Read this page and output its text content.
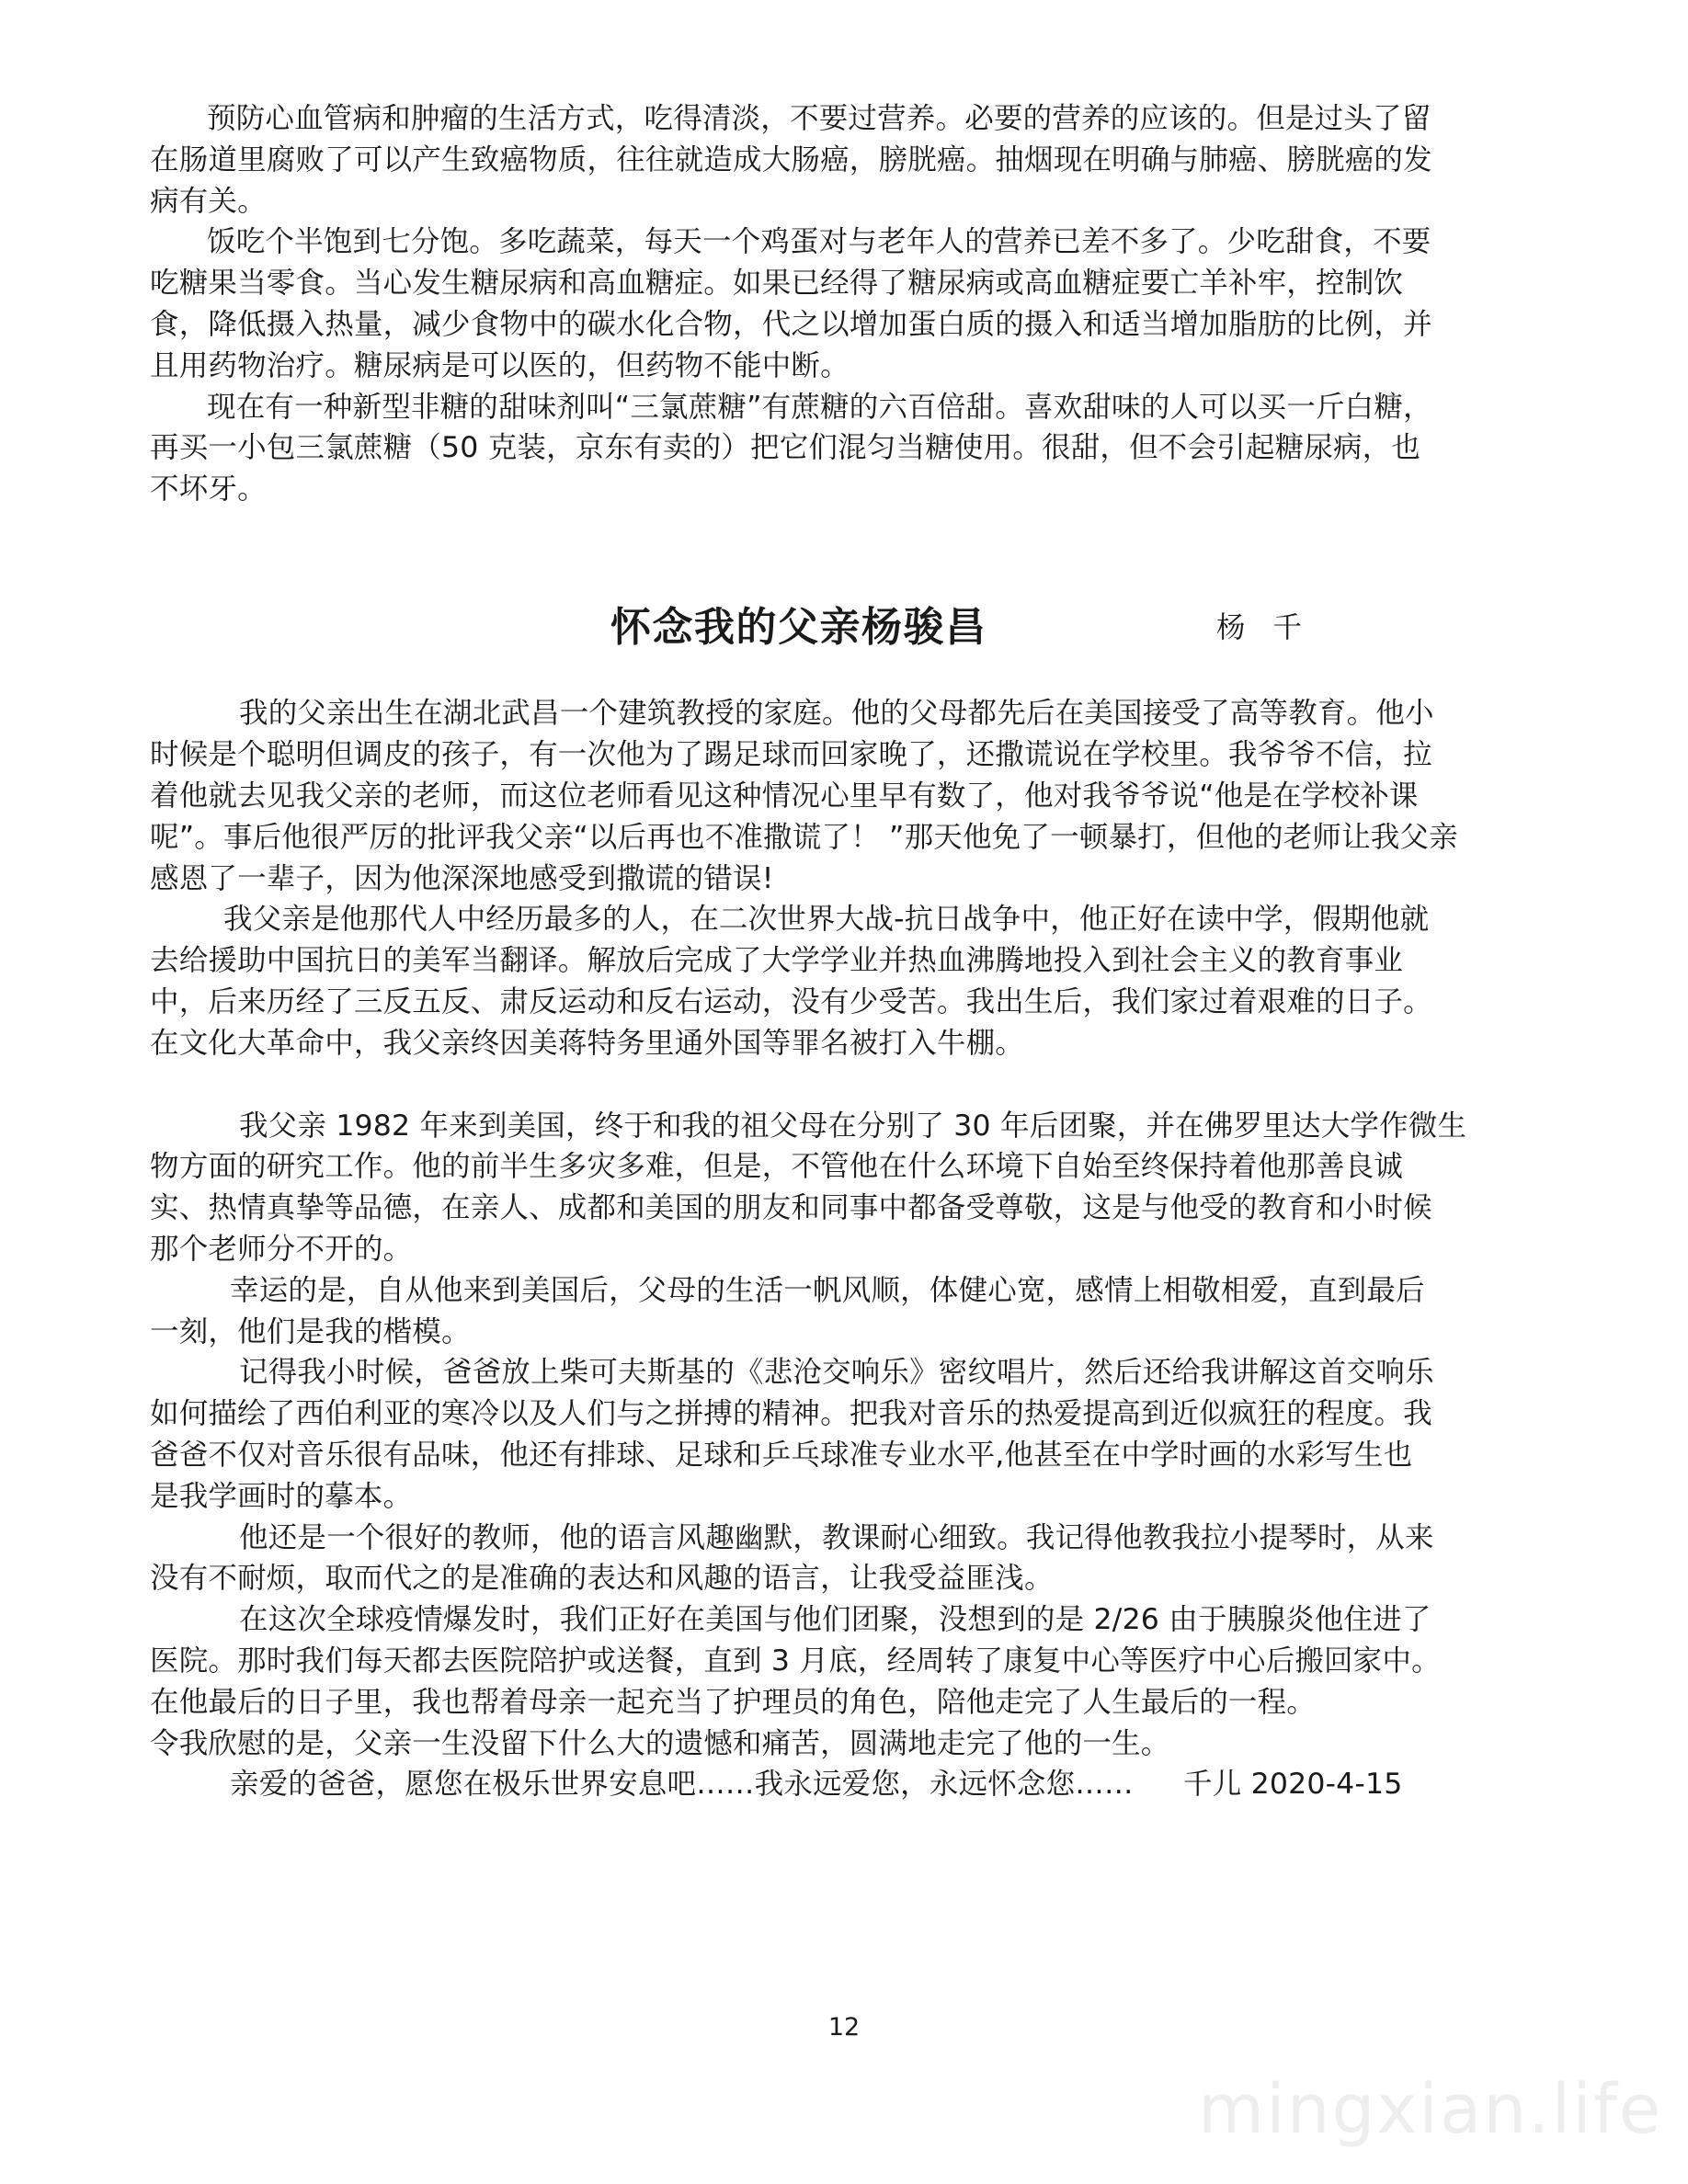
预防心血管病和肿瘤的生活方式，吃得清淡，不要过营养。必要的营养的应该的。但是过头了留
在肠道里腐败了可以产生致癌物质，往往就造成大肠癌，膀胱癌。抽烟现在明确与肺癌、膀胱癌的发
病有关。
饭吃个半饱到七分饱。多吃蔬菜，每天一个鸡蛋对与老年人的营养已差不多了。少吃甜食，不要
吃糖果当零食。当心发生糖尿病和高血糖症。如果已经得了糖尿病或高血糖症要亡羊补牢，控制饮
食，降低摄入热量，减少食物中的碳水化合物，代之以增加蛋白质的摄入和适当增加脂肪的比例，并
且用药物治疗。糖尿病是可以医的，但药物不能中断。
现在有一种新型非糖的甜味剂叫“三氯蔗糖”有蔗糖的六百倍甜。喜欢甜味的人可以买一斤白糖，
再买一小包三氯蔗糖（50 克装，京东有卖的）把它们混匀当糖使用。很甜，但不会引起糖尿病，也
不坏牙。
怀念我的父亲杨骏昌	杨 千
我的父亲出生在湖北武昌一个建筑教授的家庭。他的父母都先后在美国接受了高等教育。他小
时候是个聪明但调皮的孩子，有一次他为了踢足球而回家晚了，还撒谎说在学校里。我爷爷不信，拉
着他就去见我父亲的老师，而这位老师看见这种情况心里早有数了，他对我爷爷说“他是在学校补课
呢”。事后他很严厉的批评我父亲“以后再也不准撒谎了！ ”那天他免了一顿暴打，但他的老师让我父亲
感恩了一辈子，因为他深深地感受到撒谎的错误!
我父亲是他那代人中经历最多的人，在二次世界大战-抗日战争中，他正好在读中学，假期他就
去给援助中国抗日的美军当翻译。解放后完成了大学学业并热血沸腾地投入到社会主义的教育事业
中，后来历经了三反五反、肃反运动和反右运动，没有少受苦。我出生后，我们家过着艰难的日子。
在文化大革命中，我父亲终因美蒋特务里通外国等罪名被打入牛棚。
我父亲 1982 年来到美国，终于和我的祖父母在分别了 30 年后团聚，并在佛罗里达大学作微生
物方面的研究工作。他的前半生多灾多难，但是，不管他在什么环境下自始至终保持着他那善良诚
实、热情真挚等品德，在亲人、成都和美国的朋友和同事中都备受尊敬，这是与他受的教育和小时候
那个老师分不开的。
幸运的是，自从他来到美国后，父母的生活一帆风顺，体健心宽，感情上相敬相爱，直到最后
一刻，他们是我的楷模。
记得我小时候，爸爸放上柴可夫斯基的《悲沧交响乐》密纹唱片，然后还给我讲解这首交响乐
如何描绘了西伯利亚的寒冷以及人们与之拼搏的精神。把我对音乐的热爱提高到近似疯狂的程度。我
爸爸不仅对音乐很有品味，他还有排球、足球和乒乓球准专业水平,他甚至在中学时画的水彩写生也
是我学画时的摹本。
他还是一个很好的教师，他的语言风趣幽默，教课耐心细致。我记得他教我拉小提琴时，从来
没有不耐烦，取而代之的是准确的表达和风趣的语言，让我受益匪浅。
在这次全球疫情爆发时，我们正好在美国与他们团聚，没想到的是 2/26 由于胰腺炎他住进了
医院。那时我们每天都去医院陪护或送餐，直到 3 月底，经周转了康复中心等医疗中心后搬回家中。
在他最后的日子里，我也帮着母亲一起充当了护理员的角色，陪他走完了人生最后的一程。
令我欣慰的是，父亲一生没留下什么大的遗憾和痛苦，圆满地走完了他的一生。
亲爱的爸爸，愿您在极乐世界安息吧……我永远爱您，永远怀念您…… 千儿 2020-4-15
12
mingxian.life
